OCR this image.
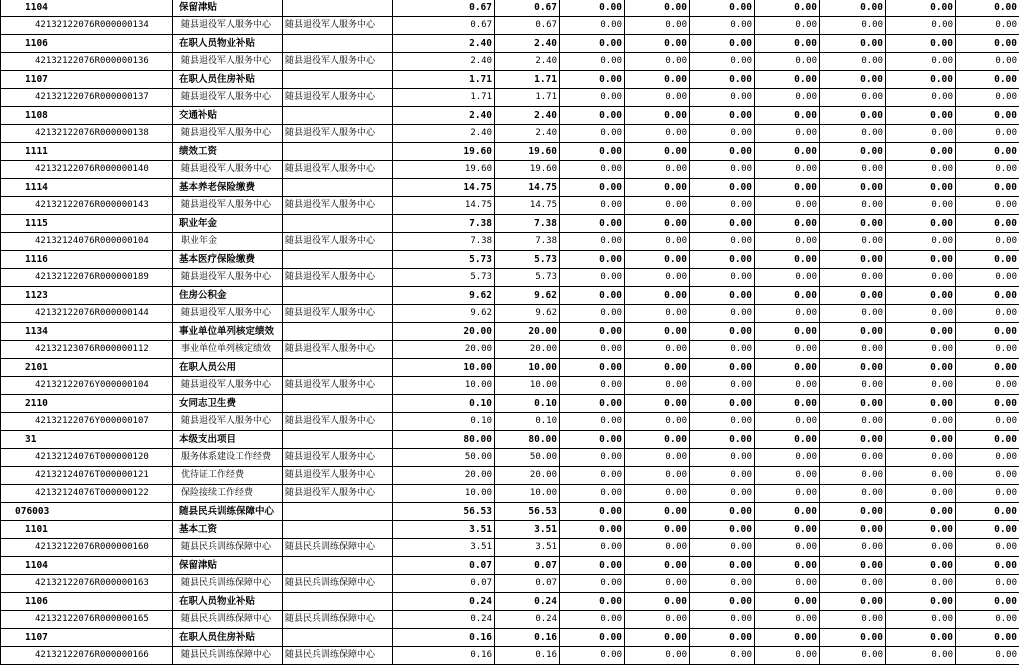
1104	保留津贴		0.67	0.67	0.00	0.00	0.00	0.00	0.00	0.00	0.00
42132122076R000000134	随县退役军人服务中心	随县退役军人服务中心	0.67	0.67	0.00	0.00	0.00	0.00	0.00	0.00	0.00
1106	在职人员物业补贴		2.40	2.40	0.00	0.00	0.00	0.00	0.00	0.00	0.00
42132122076R000000136	随县退役军人服务中心	随县退役军人服务中心	2.40	2.40	0.00	0.00	0.00	0.00	0.00	0.00	0.00
1107	在职人员住房补贴		1.71	1.71	0.00	0.00	0.00	0.00	0.00	0.00	0.00
42132122076R000000137	随县退役军人服务中心	随县退役军人服务中心	1.71	1.71	0.00	0.00	0.00	0.00	0.00	0.00	0.00
1108	交通补贴		2.40	2.40	0.00	0.00	0.00	0.00	0.00	0.00	0.00
42132122076R000000138	随县退役军人服务中心	随县退役军人服务中心	2.40	2.40	0.00	0.00	0.00	0.00	0.00	0.00	0.00
1111	绩效工资		19.60	19.60	0.00	0.00	0.00	0.00	0.00	0.00	0.00
42132122076R000000140	随县退役军人服务中心	随县退役军人服务中心	19.60	19.60	0.00	0.00	0.00	0.00	0.00	0.00	0.00
1114	基本养老保险缴费		14.75	14.75	0.00	0.00	0.00	0.00	0.00	0.00	0.00
42132122076R000000143	随县退役军人服务中心	随县退役军人服务中心	14.75	14.75	0.00	0.00	0.00	0.00	0.00	0.00	0.00
1115	职业年金		7.38	7.38	0.00	0.00	0.00	0.00	0.00	0.00	0.00
42132124076R000000104	职业年金	随县退役军人服务中心	7.38	7.38	0.00	0.00	0.00	0.00	0.00	0.00	0.00
1116	基本医疗保险缴费		5.73	5.73	0.00	0.00	0.00	0.00	0.00	0.00	0.00
42132122076R000000189	随县退役军人服务中心	随县退役军人服务中心	5.73	5.73	0.00	0.00	0.00	0.00	0.00	0.00	0.00
1123	住房公积金		9.62	9.62	0.00	0.00	0.00	0.00	0.00	0.00	0.00
42132122076R000000144	随县退役军人服务中心	随县退役军人服务中心	9.62	9.62	0.00	0.00	0.00	0.00	0.00	0.00	0.00
1134	事业单位单列核定绩效		20.00	20.00	0.00	0.00	0.00	0.00	0.00	0.00	0.00
42132123076R000000112	事业单位单列核定绩效	随县退役军人服务中心	20.00	20.00	0.00	0.00	0.00	0.00	0.00	0.00	0.00
2101	在职人员公用		10.00	10.00	0.00	0.00	0.00	0.00	0.00	0.00	0.00
42132122076Y000000104	随县退役军人服务中心	随县退役军人服务中心	10.00	10.00	0.00	0.00	0.00	0.00	0.00	0.00	0.00
2110	女同志卫生费		0.10	0.10	0.00	0.00	0.00	0.00	0.00	0.00	0.00
42132122076Y000000107	随县退役军人服务中心	随县退役军人服务中心	0.10	0.10	0.00	0.00	0.00	0.00	0.00	0.00	0.00
31	本级支出项目		80.00	80.00	0.00	0.00	0.00	0.00	0.00	0.00	0.00
42132124076T000000120	服务体系建设工作经费	随县退役军人服务中心	50.00	50.00	0.00	0.00	0.00	0.00	0.00	0.00	0.00
42132124076T000000121	优待证工作经费	随县退役军人服务中心	20.00	20.00	0.00	0.00	0.00	0.00	0.00	0.00	0.00
42132124076T000000122	保险接续工作经费	随县退役军人服务中心	10.00	10.00	0.00	0.00	0.00	0.00	0.00	0.00	0.00
076003	随县民兵训练保障中心		56.53	56.53	0.00	0.00	0.00	0.00	0.00	0.00	0.00
1101	基本工资		3.51	3.51	0.00	0.00	0.00	0.00	0.00	0.00	0.00
42132122076R000000160	随县民兵训练保障中心	随县民兵训练保障中心	3.51	3.51	0.00	0.00	0.00	0.00	0.00	0.00	0.00
1104	保留津贴		0.07	0.07	0.00	0.00	0.00	0.00	0.00	0.00	0.00
42132122076R000000163	随县民兵训练保障中心	随县民兵训练保障中心	0.07	0.07	0.00	0.00	0.00	0.00	0.00	0.00	0.00
1106	在职人员物业补贴		0.24	0.24	0.00	0.00	0.00	0.00	0.00	0.00	0.00
42132122076R000000165	随县民兵训练保障中心	随县民兵训练保障中心	0.24	0.24	0.00	0.00	0.00	0.00	0.00	0.00	0.00
1107	在职人员住房补贴		0.16	0.16	0.00	0.00	0.00	0.00	0.00	0.00	0.00
42132122076R000000166	随县民兵训练保障中心	随县民兵训练保障中心	0.16	0.16	0.00	0.00	0.00	0.00	0.00	0.00	0.00
